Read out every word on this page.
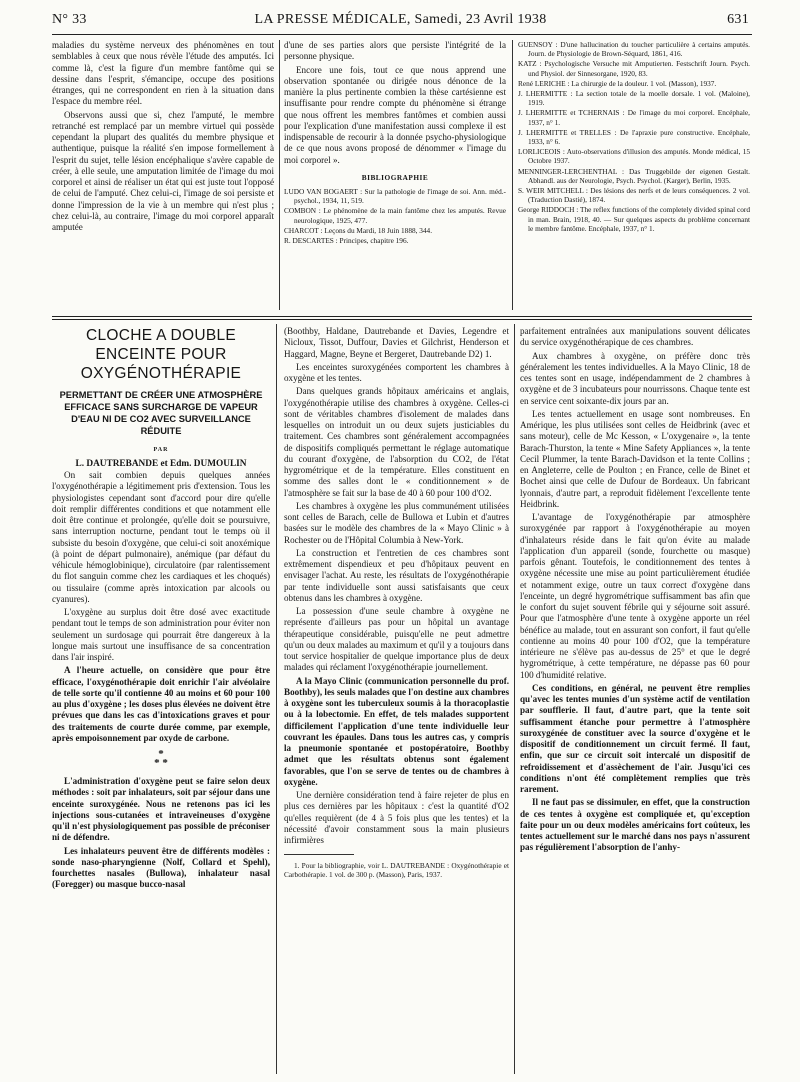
N° 33	LA PRESSE MÉDICALE, Samedi, 23 Avril 1938	631

maladies du système nerveux des phénomènes en tout semblables à ceux que nous révèle l'étude des amputés. Ici comme là, c'est la figure d'un membre fantôme qui se dessine dans l'esprit, s'émancipe, occupe des positions étranges, qui ne correspondent en rien à la situation dans l'espace du membre réel.

Observons aussi que si, chez l'amputé, le membre retranché est remplacé par un membre virtuel qui possède cependant la plupart des qualités du membre physique et authentique, puisque la réalité s'en impose formellement à l'esprit du sujet, telle lésion encéphalique s'avère capable de créer, à elle seule, une amputation limitée de l'image du moi corporel et ainsi de réaliser un état qui est juste tout l'opposé de celui de l'amputé. Chez celui-ci, l'image de soi persiste et donne l'impression de la vie à un membre qui n'est plus ; chez celui-là, au contraire, l'image du moi corporel apparaît amputée

d'une de ses parties alors que persiste l'intégrité de la personne physique.

Encore une fois, tout ce que nous apprend une observation spontanée ou dirigée nous dénonce de la manière la plus pertinente combien la thèse cartésienne est insuffisante pour rendre compte du phénomène si étrange que nous offrent les membres fantômes et combien aussi pour l'explication d'une manifestation aussi complexe il est indispensable de recourir à la donnée psycho-physiologique de ce que nous avons proposé de dénommer « l'image du moi corporel ».

BIBLIOGRAPHIE

LUDO VAN BOGAERT : Sur la pathologie de l'image de soi. Ann. méd.-psychol., 1934, 11, 519.

COMBON : Le phénomène de la main fantôme chez les amputés. Revue neurologique, 1925, 477.

CHARCOT : Leçons du Mardi, 18 Juin 1888, 344.

R. DESCARTES : Principes, chapitre 196.

GUENSOY : D'une hallucination du toucher particulière à certains amputés. Journ. de Physiologie de Brown-Séquard, 1861, 416.

KATZ : Psychologische Versuche mit Amputierten. Festschrift Journ. Psych. und Physiol. der Sinnesorgane, 1920, 83.

René LERICHE : La chirurgie de la douleur. 1 vol. (Masson), 1937.

J. LHERMITTE : La section totale de la moelle dorsale. 1 vol. (Maloine), 1919.

J. LHERMITTE et TCHERNAIS : De l'image du moi corporel. Encéphale, 1937, n° 1.

J. LHERMITTE et TRELLES : De l'apraxie pure constructive. Encéphale, 1933, n° 6.

LORLICEOIS : Auto-observations d'illusion des amputés. Monde médical, 15 Octobre 1937.

MENNINGER-LERCHENTHAL : Das Truggebilde der eigenen Gestalt. Abhandl. aus der Neurologie, Psych. Psychol. (Karger), Berlin, 1935.

S. WEIR MITCHELL : Des lésions des nerfs et de leurs conséquences. 2 vol. (Traduction Dastié), 1874.

George RIDDOCH : The reflex functions of the completely divided spinal cord in man. Brain, 1918, 40. — Sur quelques aspects du problème concernant le membre fantôme. Encéphale, 1937, n° 1.

CLOCHE A DOUBLE ENCEINTE POUR OXYGÉNOTHÉRAPIE
PERMETTANT DE CRÉER UNE ATMOSPHÈRE EFFICACE SANS SURCHARGE DE VAPEUR D'EAU NI DE CO2 AVEC SURVEILLANCE RÉDUITE
PAR
L. DAUTREBANDE et Edm. DUMOULIN

On sait combien depuis quelques années l'oxygénothérapie a légitimement pris d'extension. Tous les physiologistes cependant sont d'accord pour dire qu'elle doit remplir différentes conditions et que notamment elle doit être continue et prolongée, qu'elle doit se poursuivre, sans interruption nocturne, pendant tout le temps où il subsiste du besoin d'oxygène, que celui-ci soit anoxémique (à point de départ pulmonaire), anémique (par défaut du véhicule hémoglobinique), circulatoire (par ralentissement du flot sanguin comme chez les cardiaques et les choqués) ou tissulaire (comme après intoxication par alcools ou cyanures).

L'oxygène au surplus doit être dosé avec exactitude pendant tout le temps de son administration pour éviter non seulement un surdosage qui pourrait être dangereux à la longue mais surtout une insuffisance de sa concentration dans l'air inspiré.

A l'heure actuelle, on considère que pour être efficace, l'oxygénothérapie doit enrichir l'air alvéolaire de telle sorte qu'il contienne 40 au moins et 60 pour 100 au plus d'oxygène ; les doses plus élevées ne doivent être prévues que dans les cas d'intoxications graves et pour des traitements de courte durée comme, par exemple, après empoisonnement par oxyde de carbone.

*
* *

L'administration d'oxygène peut se faire selon deux méthodes : soit par inhalateurs, soit par séjour dans une enceinte suroxygénée. Nous ne retenons pas ici les injections sous-cutanées et intraveineuses d'oxygène qu'il n'est physiologiquement pas possible de préconiser ni de défendre.

Les inhalateurs peuvent être de différents modèles : sonde naso-pharyngienne (Nolf, Collard et Spehl), fourchettes nasales (Bullowa), inhalateur nasal (Foregger) ou masque bucco-nasal

(Boothby, Haldane, Dautrebande et Davies, Legendre et Nicloux, Tissot, Duffour, Davies et Gilchrist, Henderson et Haggard, Magne, Beyne et Bergeret, Dautrebande D2) 1.

Les enceintes suroxygénées comportent les chambres à oxygène et les tentes.

Dans quelques grands hôpitaux américains et anglais, l'oxygénothérapie utilise des chambres à oxygène. Celles-ci sont de véritables chambres d'isolement de malades dans lesquelles on introduit un ou deux sujets justiciables du traitement. Ces chambres sont généralement accompagnées de dispositifs compliqués permettant le réglage automatique du courant d'oxygène, de l'absorption du CO2, de l'état hygrométrique et de la température. Elles constituent en somme des salles dont le « conditionnement » de l'atmosphère se fait sur la base de 40 à 60 pour 100 d'O2.

Les chambres à oxygène les plus communément utilisées sont celles de Barach, celle de Bullowa et Lubin et d'autres basées sur le modèle des chambres de la « Mayo Clinic » à Rochester ou de l'Hôpital Columbia à New-York.

La construction et l'entretien de ces chambres sont extrêmement dispendieux et peu d'hôpitaux peuvent en envisager l'achat. Au reste, les résultats de l'oxygénothérapie par tente individuelle sont aussi satisfaisants que ceux obtenus dans les chambres à oxygène.

La possession d'une seule chambre à oxygène ne représente d'ailleurs pas pour un hôpital un avantage thérapeutique considérable, puisqu'elle ne peut admettre qu'un ou deux malades au maximum et qu'il y a toujours dans tout service hospitalier de quelque importance plus de deux malades qui réclament l'oxygénothérapie journellement.

A la Mayo Clinic (communication personnelle du prof. Boothby), les seuls malades que l'on destine aux chambres à oxygène sont les tuberculeux soumis à la thoracoplastie ou à la lobectomie. En effet, de tels malades supportent difficilement l'application d'une tente individuelle leur couvrant les épaules. Dans tous les autres cas, y compris la pneumonie spontanée et postopératoire, Boothby admet que les résultats obtenus sont également favorables, que l'on se serve de tentes ou de chambres à oxygène.

Une dernière considération tend à faire rejeter de plus en plus ces dernières par les hôpitaux : c'est la quantité d'O2 qu'elles requièrent (de 4 à 5 fois plus que les tentes) et la nécessité d'avoir constamment sous la main plusieurs infirmières

1. Pour la bibliographie, voir L. DAUTREBANDE : Oxygénothérapie et Carbothérapie. 1 vol. de 300 p. (Masson), Paris, 1937.

parfaitement entraînées aux manipulations souvent délicates du service oxygénothérapique de ces chambres.

Aux chambres à oxygène, on préfère donc très généralement les tentes individuelles. A la Mayo Clinic, 18 de ces tentes sont en usage, indépendamment de 2 chambres à oxygène et de 3 incubateurs pour nourrissons. Chaque tente est en service cent soixante-dix jours par an.

Les tentes actuellement en usage sont nombreuses. En Amérique, les plus utilisées sont celles de Heidbrink (avec et sans moteur), celle de Mc Kesson, « L'oxygenaire », la tente Barach-Thurston, la tente « Mine Safety Appliances », la tente Cecil Plummer, la tente Barach-Davidson et la tente Collins ; en Angleterre, celle de Poulton ; en France, celle de Binet et Bochet ainsi que celle de Dufour de Bordeaux. Un fabricant lyonnais, d'autre part, a reproduit fidèlement l'excellente tente Heidbrink.

L'avantage de l'oxygénothérapie par atmosphère suroxygénée par rapport à l'oxygénothérapie au moyen d'inhalateurs réside dans le fait qu'on évite au malade l'application d'un appareil (sonde, fourchette ou masque) parfois gênant. Toutefois, le conditionnement des tentes à oxygène nécessite une mise au point particulièrement étudiée et notamment exige, outre un taux correct d'oxygène dans l'enceinte, un degré hygrométrique suffisamment bas afin que le confort du sujet souvent fébrile qui y séjourne soit assuré. Pour que l'atmosphère d'une tente à oxygène apporte un réel bénéfice au malade, tout en assurant son confort, il faut qu'elle contienne au moins 40 pour 100 d'O2, que la température intérieure ne s'élève pas au-dessus de 25° et que le degré hygrométrique, à cette température, ne dépasse pas 60 pour 100 d'humidité relative.

Ces conditions, en général, ne peuvent être remplies qu'avec les tentes munies d'un système actif de ventilation par soufflerie. Il faut, d'autre part, que la tente soit suffisamment étanche pour permettre à l'atmosphère suroxygénée de constituer avec la source d'oxygène et le dispositif de conditionnement un circuit fermé. Il faut, enfin, que sur ce circuit soit intercalé un dispositif de refroidissement et d'assèchement de l'air. Jusqu'ici ces conditions n'ont été complètement remplies que très rarement.

Il ne faut pas se dissimuler, en effet, que la construction de ces tentes à oxygène est compliquée et, qu'exception faite pour un ou deux modèles américains fort coûteux, les tentes actuellement sur le marché dans nos pays n'assurent pas régulièrement l'absorption de l'anhy-
